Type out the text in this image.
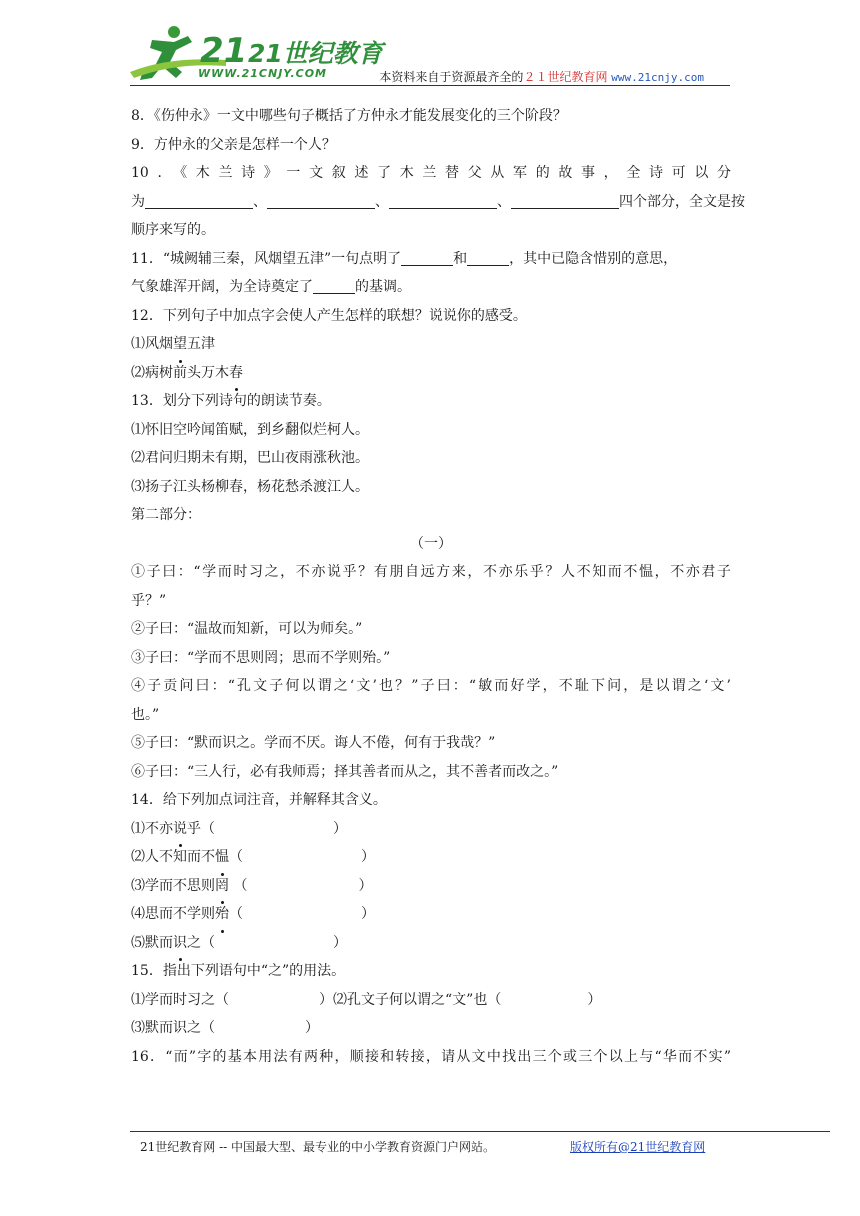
21 21世纪教育
WWW.21CNJY.COM	本资料来自于资源最齐全的２１世纪教育网 www.21cnjy.com
8．《伤仲永》一文中哪些句子概括了方仲永才能发展变化的三个阶段？
9．方仲永的父亲是怎样一个人？
10．《木兰诗》一文叙述了木兰替父从军的故事，全诗可以分
为	、	、	、	四个部分，全文是按
顺序来写的。
11．“城阙辅三秦，风烟望五津”一句点明了	和	，其中已隐含惜别的意思，
气象雄浑开阔，为全诗奠定了	的基调。
12．下列句子中加点字会使人产生怎样的联想？说说你的感受。
⑴风烟望五津
⑵病树前头万木春
13．划分下列诗句的朗读节奏。
⑴怀旧空吟闻笛赋，到乡翻似烂柯人。
⑵君问归期未有期，巴山夜雨涨秋池。
⑶扬子江头杨柳春，杨花愁杀渡江人。
第二部分：
（一）
①子曰：“学而时习之，不亦说乎？有朋自远方来，不亦乐乎？人不知而不愠，不亦君子
乎？”
②子曰：“温故而知新，可以为师矣。”
③子曰：“学而不思则罔；思而不学则殆。”
④子贡问曰：“孔文子何以谓之‘文’也？”子曰：“敏而好学，不耻下问，是以谓之‘文’
也。”
⑤子曰：“默而识之。学而不厌。诲人不倦，何有于我哉？”
⑥子曰：“三人行，必有我师焉；择其善者而从之，其不善者而改之。”
14．给下列加点词注音，并解释其含义。
⑴不亦说乎（	）
⑵人不知而不愠（	）
⑶学而不思则罔 （	）
⑷思而不学则殆（	）
⑸默而识之（	）
15．指出下列语句中“之”的用法。
⑴学而时习之（	）⑵孔文子何以谓之“文”也（	）
⑶默而识之（	）
16．“而”字的基本用法有两种，顺接和转接，请从文中找出三个或三个以上与“华而不实”
21世纪教育网 -- 中国最大型、最专业的中小学教育资源门户网站。	版权所有@21世纪教育网
